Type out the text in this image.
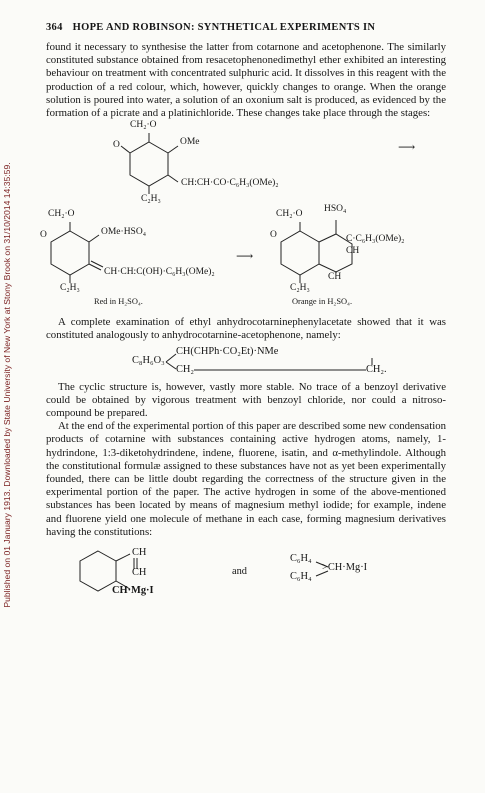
Published on 01 January 1913. Downloaded by State University of New York at Stony Brook on 31/10/2014 14:35:59.
364 HOPE AND ROBINSON: SYNTHETICAL EXPERIMENTS IN

found it necessary to synthesise the latter from cotarnone and acetophenone. The similarly constituted substance obtained from resacetophenonedimethyl ether exhibited an interesting behaviour on treatment with concentrated sulphuric acid. It dissolves in this reagent with the production of a red colour, which, however, quickly changes to orange. When the orange solution is poured into water, a solution of an oxonium salt is produced, as evidenced by the formation of a picrate and a platinichloride. These changes take place through the stages:

CH₂·O
OMe
O
CH:CH·CO·C₆H₃(OMe)₂
C₂H₃
⟶
HSO₄
CH₂·O
OMe·HSO₄
O
CH·CH:C(OH)·C₆H₃(OMe)₂
C₂H₃
Red in H₂SO₄.
⟶
CH₂·O
O	C·C₆H₃(OMe)₂
CH
CH
C₂H₃
Orange in H₂SO₄.

A complete examination of ethyl anhydrocotarninephenylacetate showed that it was constituted analogously to anhydrocotarnine-acetophenone, namely:

C₈H₆O₃
CH(CHPh·CO₂Et)·NMe
CH₂	CH₂.

The cyclic structure is, however, vastly more stable. No trace of a benzoyl derivative could be obtained by vigorous treatment with benzoyl chloride, nor could a nitroso-compound be prepared.

At the end of the experimental portion of this paper are described some new condensation products of cotarnine with substances containing active hydrogen atoms, namely, 1-hydrindone, 1:3-diketohydrindene, indene, fluorene, isatin, and α-methylindole. Although the constitutional formulæ assigned to these substances have not as yet been experimentally founded, there can be little doubt regarding the correctness of the structure given in the experimental portion of the paper. The active hydrogen in some of the above-mentioned substances has been located by means of magnesium methyl iodide; for example, indene and fluorene yield one molecule of methane in each case, forming magnesium derivatives having the constitutions:

CH
CH
CH·Mg·I
and
C₆H₄
C₆H₄
>CH·Mg·I
